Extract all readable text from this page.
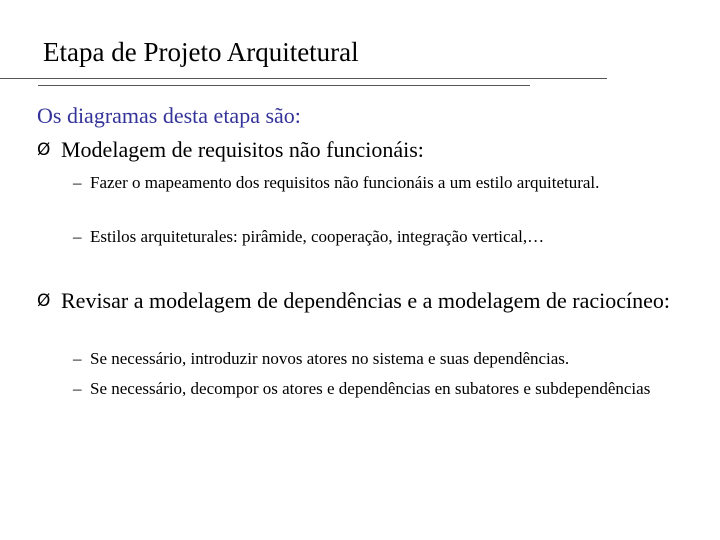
Etapa de Projeto Arquitetural
Os diagramas desta etapa são:
Ø Modelagem de requisitos não funcionáis:
– Fazer o mapeamento dos requisitos não funcionáis a um estilo arquitetural.
– Estilos arquiteturales: pirâmide, cooperação, integração vertical,…
Ø Revisar a modelagem de dependências e a modelagem de raciocíneo:
– Se necessário, introduzir novos atores no sistema e suas dependências.
– Se necessário, decompor os atores e dependências en subatores e subdependências
